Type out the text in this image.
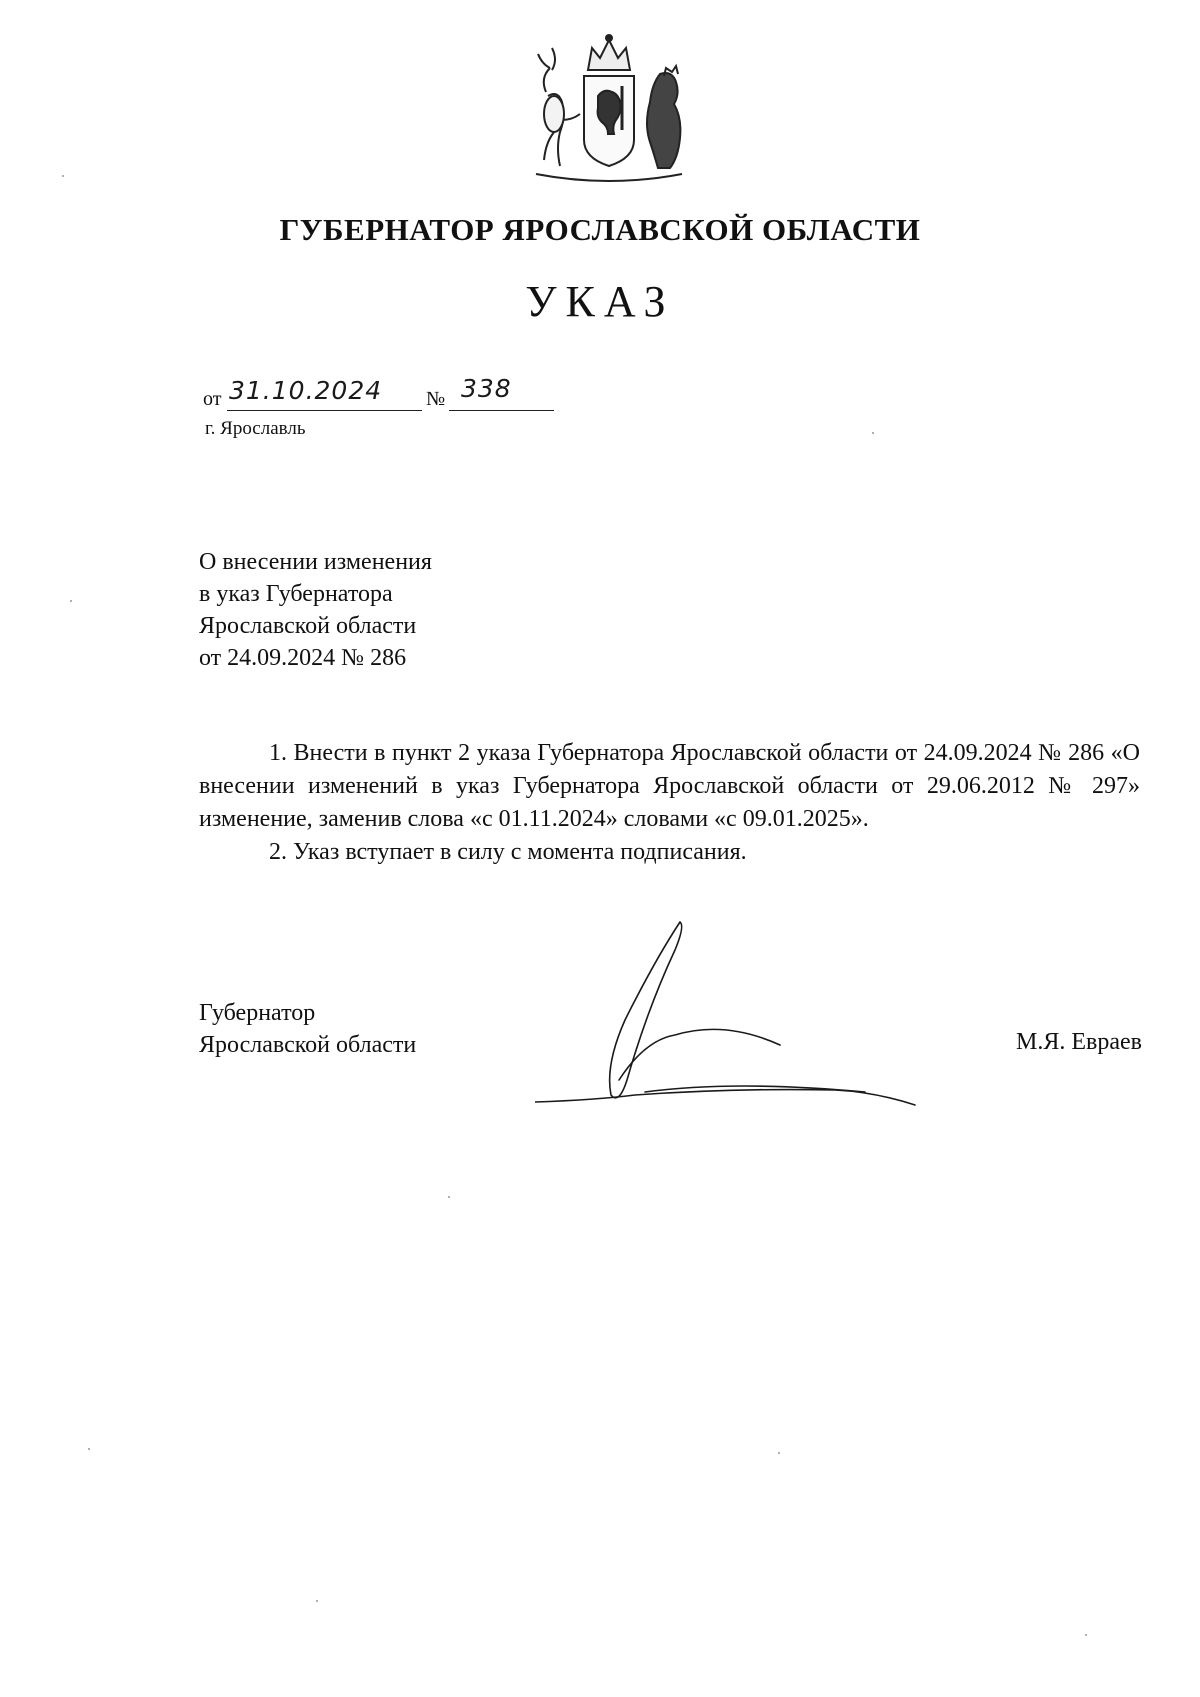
ГУБЕРНАТОР ЯРОСЛАВСКОЙ ОБЛАСТИ
УКАЗ
от 31.10.2024 № 338
г. Ярославль
О внесении изменения
в указ Губернатора
Ярославской области
от 24.09.2024 № 286

1. Внести в пункт 2 указа Губернатора Ярославской области от 24.09.2024 № 286 «О внесении изменений в указ Губернатора Ярославской области от 29.06.2012 № 297» изменение, заменив слова «с 01.11.2024» словами «с 09.01.2025».

2. Указ вступает в силу с момента подписания.

Губернатор
Ярославской области	М.Я. Евраев
